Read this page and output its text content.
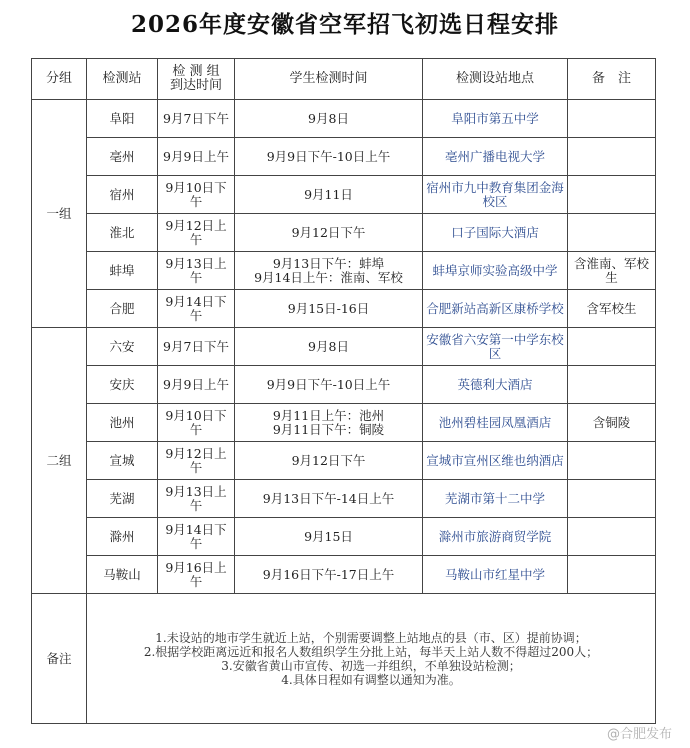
2026年度安徽省空军招飞初选日程安排
分组	检测站	检 测 组
到达时间	学生检测时间	检测设站地点	备　注
一组	阜阳	9月7日下午	9月8日	阜阳市第五中学	
	亳州	9月9日上午	9月9日下午-10日上午	亳州广播电视大学	
	宿州	9月10日下午	9月11日	宿州市九中教育集团金海校区	
	淮北	9月12日上午	9月12日下午	口子国际大酒店	
	蚌埠	9月13日上午	9月13日下午：蚌埠
9月14日上午：淮南、军校	蚌埠京师实验高级中学	含淮南、军校生
	合肥	9月14日下午	9月15日-16日	合肥新站高新区康桥学校	含军校生
二组	六安	9月7日下午	9月8日	安徽省六安第一中学东校区	
	安庆	9月9日上午	9月9日下午-10日上午	英德利大酒店	
	池州	9月10日下午	9月11日上午：池州
9月11日下午：铜陵	池州碧桂园凤凰酒店	含铜陵
	宣城	9月12日上午	9月12日下午	宣城市宣州区维也纳酒店	
	芜湖	9月13日上午	9月13日下午-14日上午	芜湖市第十二中学	
	滁州	9月14日下午	9月15日	滁州市旅游商贸学院	
	马鞍山	9月16日上午	9月16日下午-17日上午	马鞍山市红星中学	
备注	1.未设站的地市学生就近上站，个别需要调整上站地点的县（市、区）提前协调；
2.根据学校距离远近和报名人数组织学生分批上站，每半天上站人数不得超过200人；
3.安徽省黄山市宣传、初选一并组织，不单独设站检测；
4.具体日程如有调整以通知为准。				
@合肥发布
